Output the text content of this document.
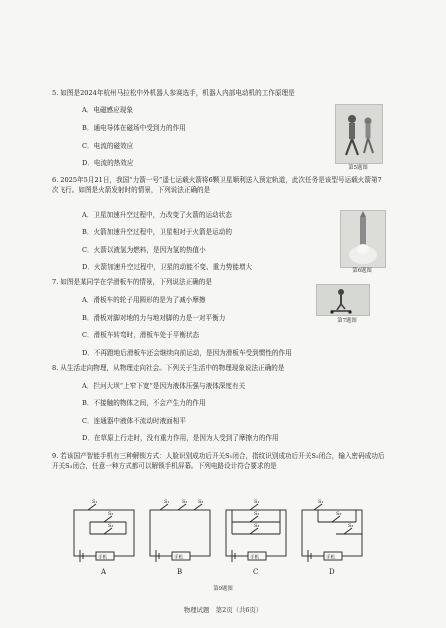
5. 如图是2024年杭州马拉松中外机器人参赛选手，机器人内部电动机的工作原理是
A．电磁感应现象
B．通电导体在磁场中受到力的作用
C．电流的磁效应
D．电流的热效应
第5题图
6. 2025年5月21日，我国“力箭一号”遥七运载火箭将6颗卫星顺利送入预定轨道，此次任务是该型号运载火箭第7次飞行。如图是火箭发射时的情景，下列说法正确的是
A．卫星加速升空过程中，力改变了火箭的运动状态
B．火箭加速升空过程中，卫星相对于火箭是运动的
C．火箭以液氢为燃料，是因为氢的热值小
D．火箭加速升空过程中，卫星的动能不变、重力势能增大	第6题图
7. 如图是某同学在学滑板车的情景，下列说法正确的是
A．滑板车的轮子用圆形的是为了减小摩擦
B．滑板对脚对地的力与地对脚的力是一对平衡力
C．滑板车转弯时，滑板车处于平衡状态
D．不再蹬地后滑板车还会继续向前运动，是因为滑板车受到惯性的作用
第7题图
8. 从生活走向物理，从物理走向社会。下列关于生活中的物理现象说法正确的是
A．拦河大坝“上窄下宽”是因为液体压强与液体深度有关
B．不接触的物体之间，不会产生力的作用
C．连通器中液体不流动时液面相平
D．在草原上行走时，没有重力作用，是因为人受到了摩擦力的作用
9. 若该国产智能手机有三种解锁方式：人脸识别成功后开关S₁闭合，指纹识别成功后开关S₂闭合，输入密码成功后开关S₃闭合，任意一种方式都可以解锁手机屏幕。下列电路设计符合要求的是
S₁
S₂
S₃
S₁	S₂ S₃	S₁
S₂
S₃
S₁
S₂
S₃
手机	手机	手机	手机
A	B	C	D
第9题图
物理试题　第2页（共6页）
